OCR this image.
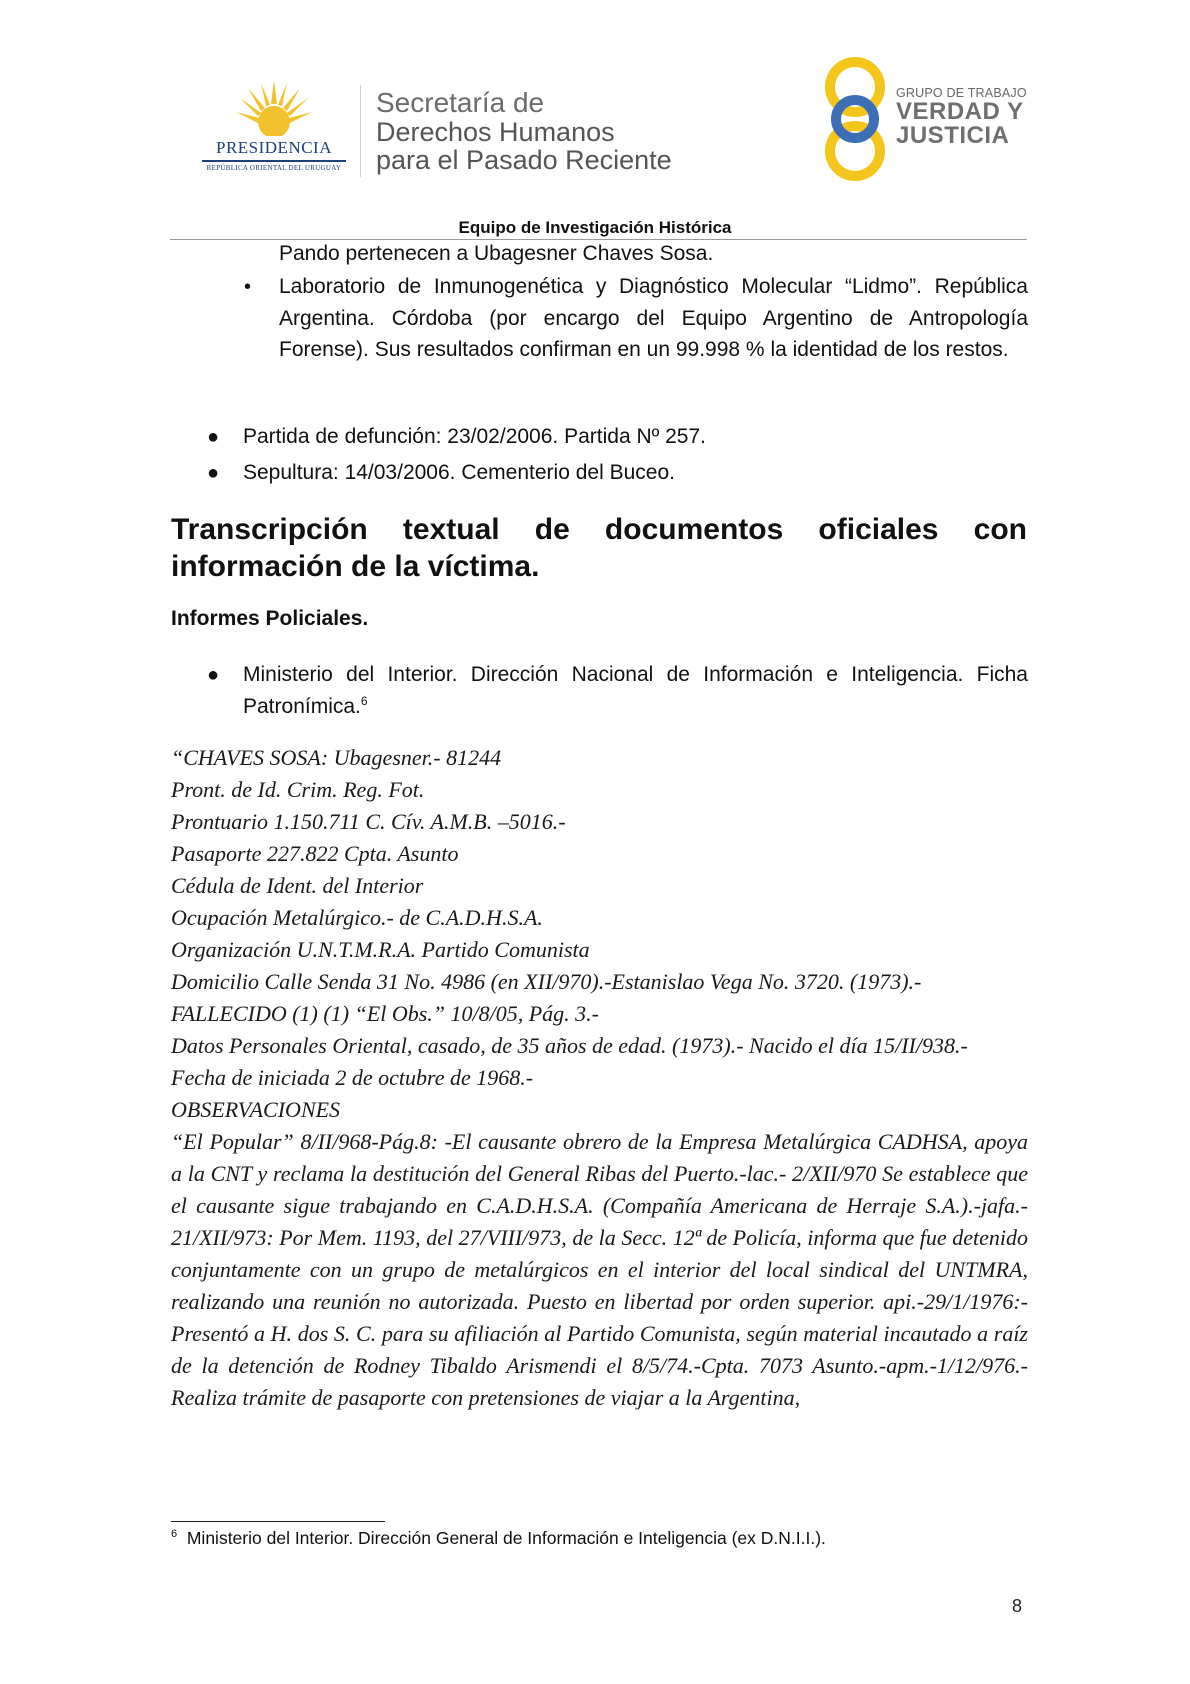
PRESIDENCIA
REPÚBLICA ORIENTAL DEL URUGUAY
Secretaría de
Derechos Humanos
para el Pasado Reciente
GRUPO DE TRABAJO
VERDAD Y
JUSTICIA
Equipo de Investigación Histórica
Pando pertenecen a Ubagesner Chaves Sosa.
• Laboratorio de Inmunogenética y Diagnóstico Molecular “Lidmo”. República Argentina. Córdoba (por encargo del Equipo Argentino de Antropología Forense). Sus resultados confirman en un 99.998 % la identidad de los restos.
● Partida de defunción: 23/02/2006. Partida Nº 257.
● Sepultura: 14/03/2006. Cementerio del Buceo.
Transcripción textual de documentos oficiales con información de la víctima.
Informes Policiales.
● Ministerio del Interior. Dirección Nacional de Información e Inteligencia. Ficha Patronímica.$^6$
“CHAVES SOSA: Ubagesner.- 81244
Pront. de Id. Crim. Reg. Fot.
Prontuario 1.150.711 C. Cív. A.M.B. –5016.-
Pasaporte 227.822 Cpta. Asunto
Cédula de Ident. del Interior
Ocupación Metalúrgico.- de C.A.D.H.S.A.
Organización U.N.T.M.R.A. Partido Comunista
Domicilio Calle Senda 31 No. 4986 (en XII/970).-Estanislao Vega No. 3720. (1973).-
FALLECIDO (1) (1) “El Obs.” 10/8/05, Pág. 3.-
Datos Personales Oriental, casado, de 35 años de edad. (1973).- Nacido el día 15/II/938.-
Fecha de iniciada 2 de octubre de 1968.-
OBSERVACIONES
“El Popular” 8/II/968-Pág.8: -El causante obrero de la Empresa Metalúrgica CADHSA, apoya a la CNT y reclama la destitución del General Ribas del Puerto.-lac.- 2/XII/970 Se establece que el causante sigue trabajando en C.A.D.H.S.A. (Compañía Americana de Herraje S.A.).-jafa.- 21/XII/973: Por Mem. 1193, del 27/VIII/973, de la Secc. 12ª de Policía, informa que fue detenido conjuntamente con un grupo de metalúrgicos en el interior del local sindical del UNTMRA, realizando una reunión no autorizada. Puesto en libertad por orden superior. api.-29/1/1976:-Presentó a H. dos S. C. para su afiliación al Partido Comunista, según material incautado a raíz de la detención de Rodney Tibaldo Arismendi el 8/5/74.-Cpta. 7073 Asunto.-apm.-1/12/976.- Realiza trámite de pasaporte con pretensiones de viajar a la Argentina,
$^6$ Ministerio del Interior. Dirección General de Información e Inteligencia (ex D.N.I.I.).
8
